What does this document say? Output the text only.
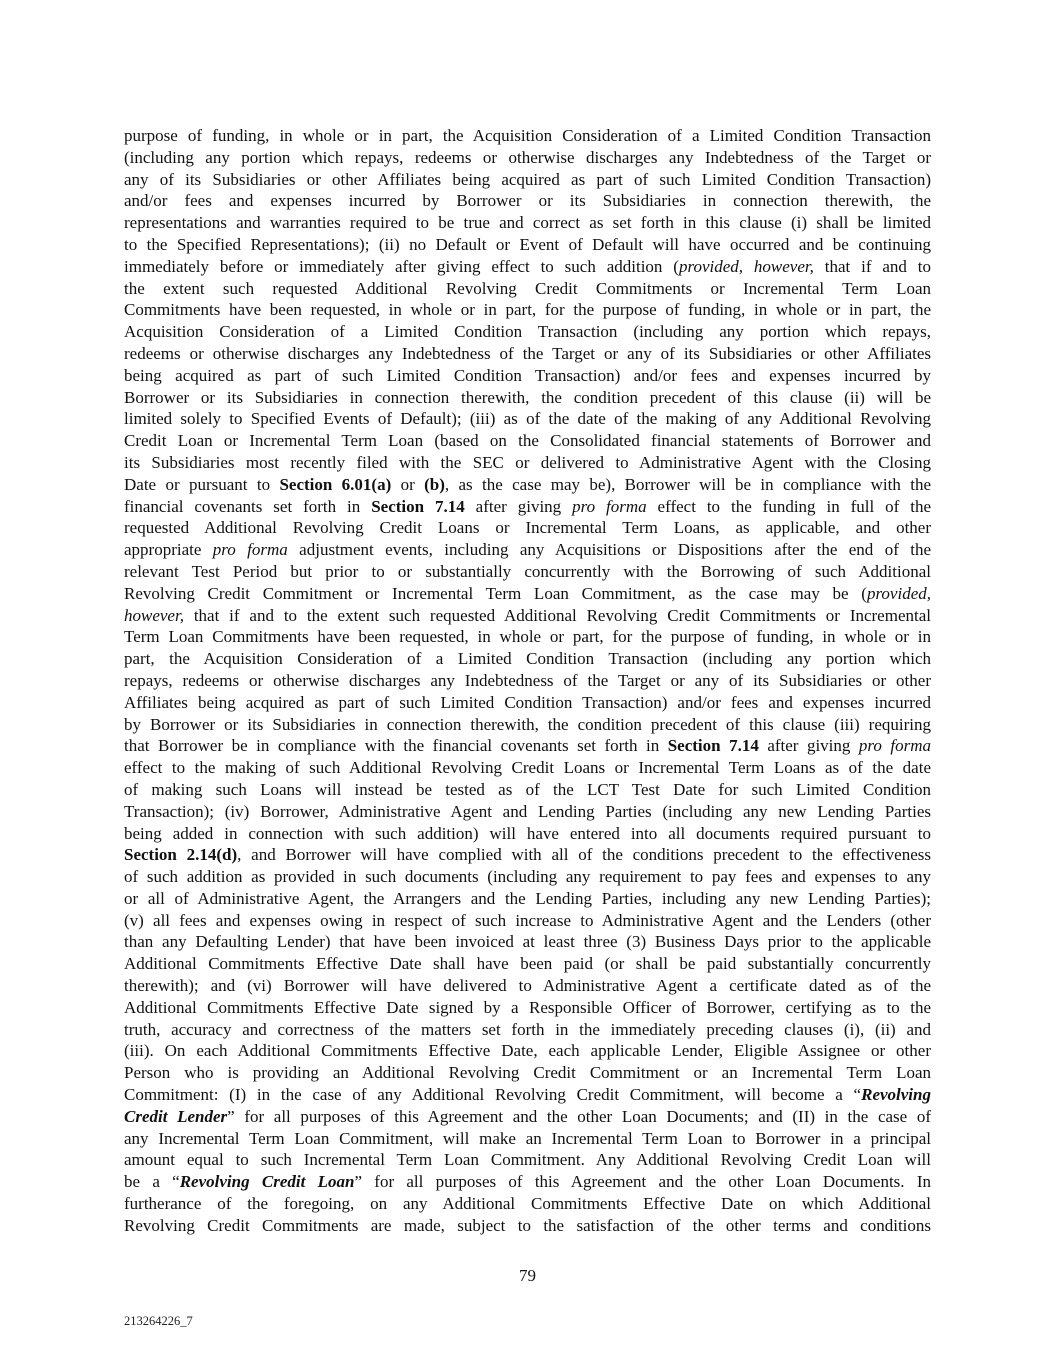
purpose of funding, in whole or in part, the Acquisition Consideration of a Limited Condition Transaction
(including any portion which repays, redeems or otherwise discharges any Indebtedness of the Target or
any of its Subsidiaries or other Affiliates being acquired as part of such Limited Condition Transaction)
and/or fees and expenses incurred by Borrower or its Subsidiaries in connection therewith, the
representations and warranties required to be true and correct as set forth in this clause (i) shall be limited
to the Specified Representations); (ii) no Default or Event of Default will have occurred and be continuing
immediately before or immediately after giving effect to such addition (provided, however, that if and to
the extent such requested Additional Revolving Credit Commitments or Incremental Term Loan
Commitments have been requested, in whole or in part, for the purpose of funding, in whole or in part, the
Acquisition Consideration of a Limited Condition Transaction (including any portion which repays,
redeems or otherwise discharges any Indebtedness of the Target or any of its Subsidiaries or other Affiliates
being acquired as part of such Limited Condition Transaction) and/or fees and expenses incurred by
Borrower or its Subsidiaries in connection therewith, the condition precedent of this clause (ii) will be
limited solely to Specified Events of Default); (iii) as of the date of the making of any Additional Revolving
Credit Loan or Incremental Term Loan (based on the Consolidated financial statements of Borrower and
its Subsidiaries most recently filed with the SEC or delivered to Administrative Agent with the Closing
Date or pursuant to Section 6.01(a) or (b), as the case may be), Borrower will be in compliance with the
financial covenants set forth in Section 7.14 after giving pro forma effect to the funding in full of the
requested Additional Revolving Credit Loans or Incremental Term Loans, as applicable, and other
appropriate pro forma adjustment events, including any Acquisitions or Dispositions after the end of the
relevant Test Period but prior to or substantially concurrently with the Borrowing of such Additional
Revolving Credit Commitment or Incremental Term Loan Commitment, as the case may be (provided,
however, that if and to the extent such requested Additional Revolving Credit Commitments or Incremental
Term Loan Commitments have been requested, in whole or part, for the purpose of funding, in whole or in
part, the Acquisition Consideration of a Limited Condition Transaction (including any portion which
repays, redeems or otherwise discharges any Indebtedness of the Target or any of its Subsidiaries or other
Affiliates being acquired as part of such Limited Condition Transaction) and/or fees and expenses incurred
by Borrower or its Subsidiaries in connection therewith, the condition precedent of this clause (iii) requiring
that Borrower be in compliance with the financial covenants set forth in Section 7.14 after giving pro forma
effect to the making of such Additional Revolving Credit Loans or Incremental Term Loans as of the date
of making such Loans will instead be tested as of the LCT Test Date for such Limited Condition
Transaction); (iv) Borrower, Administrative Agent and Lending Parties (including any new Lending Parties
being added in connection with such addition) will have entered into all documents required pursuant to
Section 2.14(d), and Borrower will have complied with all of the conditions precedent to the effectiveness
of such addition as provided in such documents (including any requirement to pay fees and expenses to any
or all of Administrative Agent, the Arrangers and the Lending Parties, including any new Lending Parties);
(v) all fees and expenses owing in respect of such increase to Administrative Agent and the Lenders (other
than any Defaulting Lender) that have been invoiced at least three (3) Business Days prior to the applicable
Additional Commitments Effective Date shall have been paid (or shall be paid substantially concurrently
therewith); and (vi) Borrower will have delivered to Administrative Agent a certificate dated as of the
Additional Commitments Effective Date signed by a Responsible Officer of Borrower, certifying as to the
truth, accuracy and correctness of the matters set forth in the immediately preceding clauses (i), (ii) and
(iii). On each Additional Commitments Effective Date, each applicable Lender, Eligible Assignee or other
Person who is providing an Additional Revolving Credit Commitment or an Incremental Term Loan
Commitment: (I) in the case of any Additional Revolving Credit Commitment, will become a “Revolving
Credit Lender” for all purposes of this Agreement and the other Loan Documents; and (II) in the case of
any Incremental Term Loan Commitment, will make an Incremental Term Loan to Borrower in a principal
amount equal to such Incremental Term Loan Commitment. Any Additional Revolving Credit Loan will
be a “Revolving Credit Loan” for all purposes of this Agreement and the other Loan Documents. In
furtherance of the foregoing, on any Additional Commitments Effective Date on which Additional
Revolving Credit Commitments are made, subject to the satisfaction of the other terms and conditions
79
213264226_7
